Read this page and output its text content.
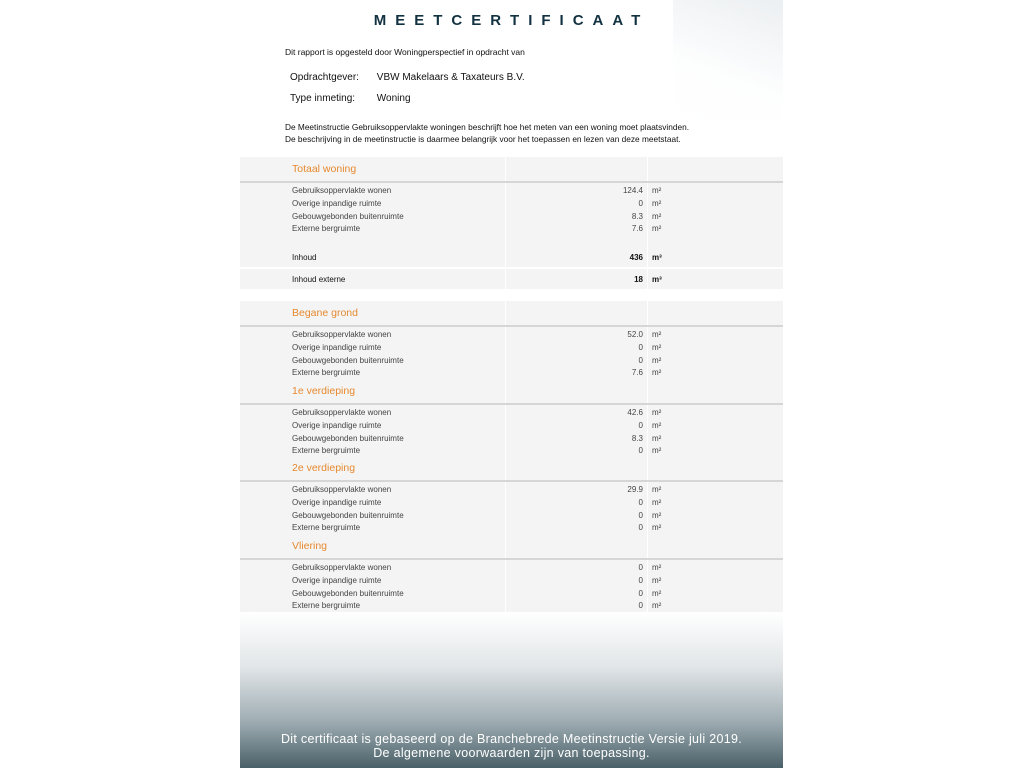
MEETCERTIFICAAT
Dit rapport is opgesteld door Woningperspectief in opdracht van
Opdrachtgever: VBW Makelaars & Taxateurs B.V.
Type inmeting: Woning
De Meetinstructie Gebruiksoppervlakte woningen beschrijft hoe het meten van een woning moet plaatsvinden.
De beschrijving in de meetinstructie is daarmee belangrijk voor het toepassen en lezen van deze meetstaat.
Totaal woning
Gebruiksoppervlakte wonen	124.4 m²
Overige inpandige ruimte	0 m²
Gebouwgebonden buitenruimte	8.3 m²
Externe bergruimte	7.6 m²
Inhoud	436 m³
Inhoud externe	18 m³
Begane grond
Gebruiksoppervlakte wonen	52.0 m²
Overige inpandige ruimte	0 m²
Gebouwgebonden buitenruimte	0 m²
Externe bergruimte	7.6 m²
1e verdieping
Gebruiksoppervlakte wonen	42.6 m²
Overige inpandige ruimte	0 m²
Gebouwgebonden buitenruimte	8.3 m²
Externe bergruimte	0 m²
2e verdieping
Gebruiksoppervlakte wonen	29.9 m²
Overige inpandige ruimte	0 m²
Gebouwgebonden buitenruimte	0 m²
Externe bergruimte	0 m²
Vliering
Gebruiksoppervlakte wonen	0 m²
Overige inpandige ruimte	0 m²
Gebouwgebonden buitenruimte	0 m²
Externe bergruimte	0 m²
Dit certificaat is gebaseerd op de Branchebrede Meetinstructie Versie juli 2019.
De algemene voorwaarden zijn van toepassing.
